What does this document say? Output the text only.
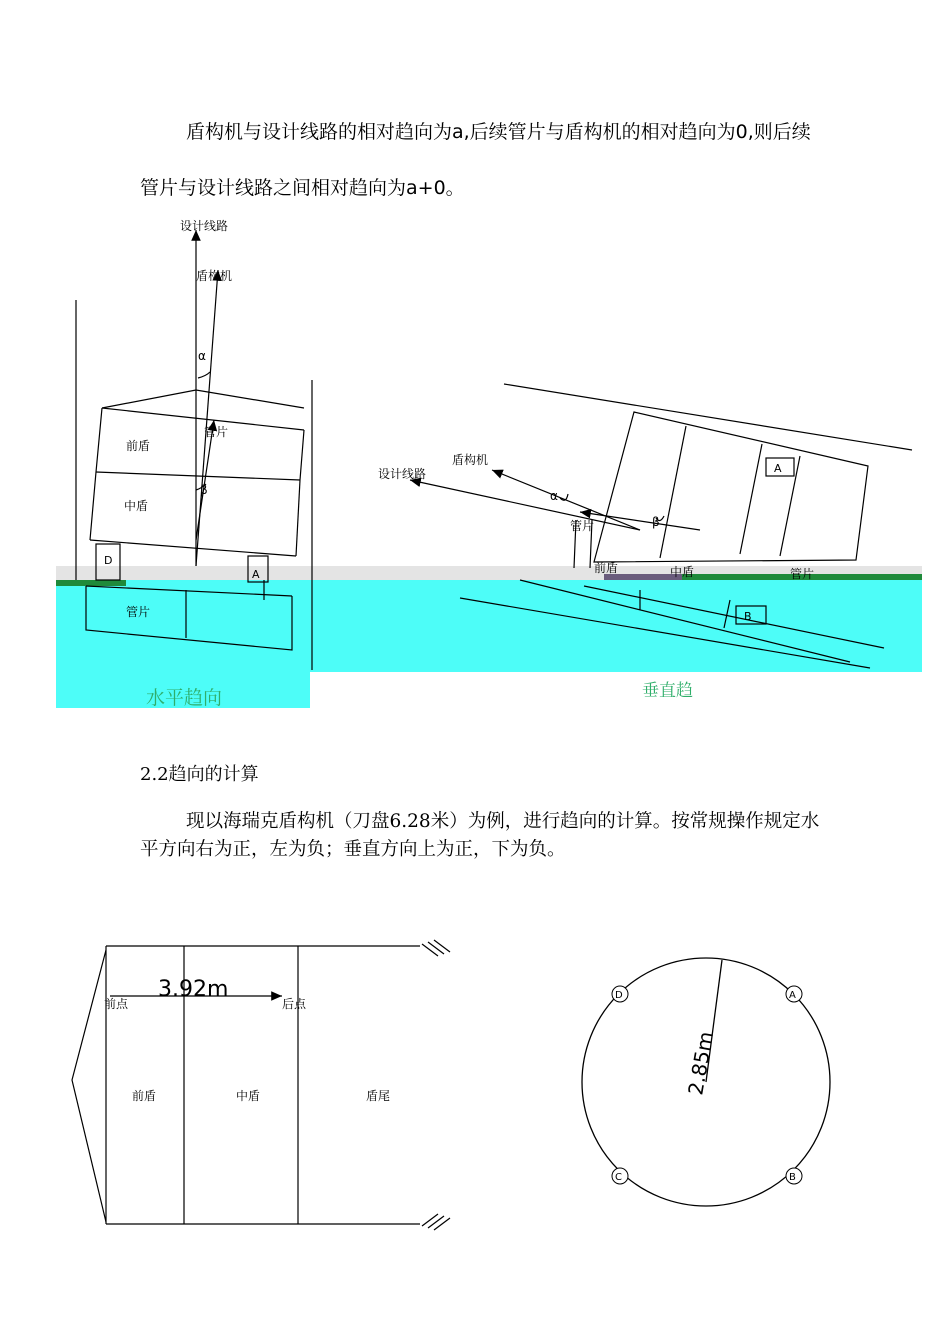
盾构机与设计线路的相对趋向为a,后续管片与盾构机的相对趋向为0,则后续管片与设计线路之间相对趋向为a+0。

设计线路
盾构机
α
β
管片
前盾
中盾
管片
D
A
水平趋向
设计线路
盾构机
α
β
管片
前盾	中盾	管片
A
B
垂直趋
2.2趋向的计算

现以海瑞克盾构机（刀盘6.28米）为例，进行趋向的计算。按常规操作规定水平方向右为正，左为负；垂直方向上为正，下为负。

3.92m
前点	后点
前盾	中盾	盾尾	2.85m
D	A
C	B
